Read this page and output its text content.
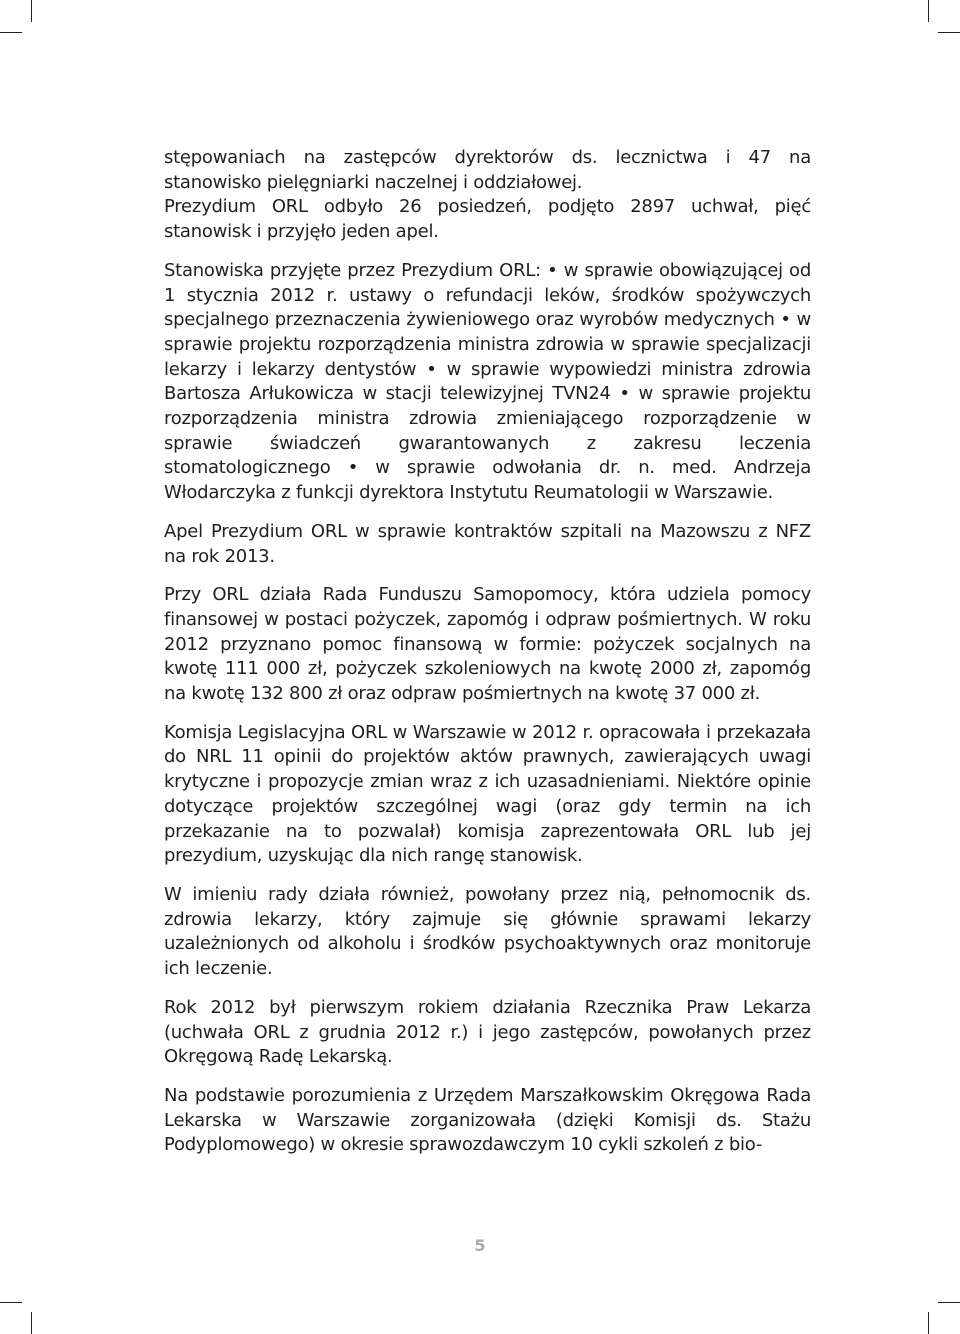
stępowaniach na zastępców dyrektorów ds. lecznictwa i 47 na stanowisko pielęgniarki naczelnej i oddziałowej.

Prezydium ORL odbyło 26 posiedzeń, podjęto 2897 uchwał, pięć stanowisk i przyjęło jeden apel.

Stanowiska przyjęte przez Prezydium ORL: • w sprawie obowiązującej od 1 stycznia 2012 r. ustawy o refundacji leków, środków spożywczych specjalnego przeznaczenia żywieniowego oraz wyrobów medycznych • w sprawie projektu rozporządzenia ministra zdrowia w sprawie specjalizacji lekarzy i lekarzy dentystów • w sprawie wypowiedzi ministra zdrowia Bartosza Arłukowicza w stacji telewizyjnej TVN24 • w sprawie projektu rozporządzenia ministra zdrowia zmieniającego rozporządzenie w sprawie świadczeń gwarantowanych z zakresu leczenia stomatologicznego • w sprawie odwołania dr. n. med. Andrzeja Włodarczyka z funkcji dyrektora Instytutu Reumatologii w Warszawie.

Apel Prezydium ORL w sprawie kontraktów szpitali na Mazowszu z NFZ na rok 2013.

Przy ORL działa Rada Funduszu Samopomocy, która udziela pomocy finansowej w postaci pożyczek, zapomóg i odpraw pośmiertnych. W roku 2012 przyznano pomoc finansową w formie: pożyczek socjalnych na kwotę 111 000 zł, pożyczek szkoleniowych na kwotę 2000 zł, zapomóg na kwotę 132 800 zł oraz odpraw pośmiertnych na kwotę 37 000 zł.

Komisja Legislacyjna ORL w Warszawie w 2012 r. opracowała i przekazała do NRL 11 opinii do projektów aktów prawnych, zawierających uwagi krytyczne i propozycje zmian wraz z ich uzasadnieniami. Niektóre opinie dotyczące projektów szczególnej wagi (oraz gdy termin na ich przekazanie na to pozwalał) komisja zaprezentowała ORL lub jej prezydium, uzyskując dla nich rangę stanowisk.

W imieniu rady działa również, powołany przez nią, pełnomocnik ds. zdrowia lekarzy, który zajmuje się głównie sprawami lekarzy uzależnionych od alkoholu i środków psychoaktywnych oraz monitoruje ich leczenie.

Rok 2012 był pierwszym rokiem działania Rzecznika Praw Lekarza (uchwała ORL z grudnia 2012 r.) i jego zastępców, powołanych przez Okręgową Radę Lekarską.

Na podstawie porozumienia z Urzędem Marszałkowskim Okręgowa Rada Lekarska w Warszawie zorganizowała (dzięki Komisji ds. Stażu Podyplomowego) w okresie sprawozdawczym 10 cykli szkoleń z bio-

5
